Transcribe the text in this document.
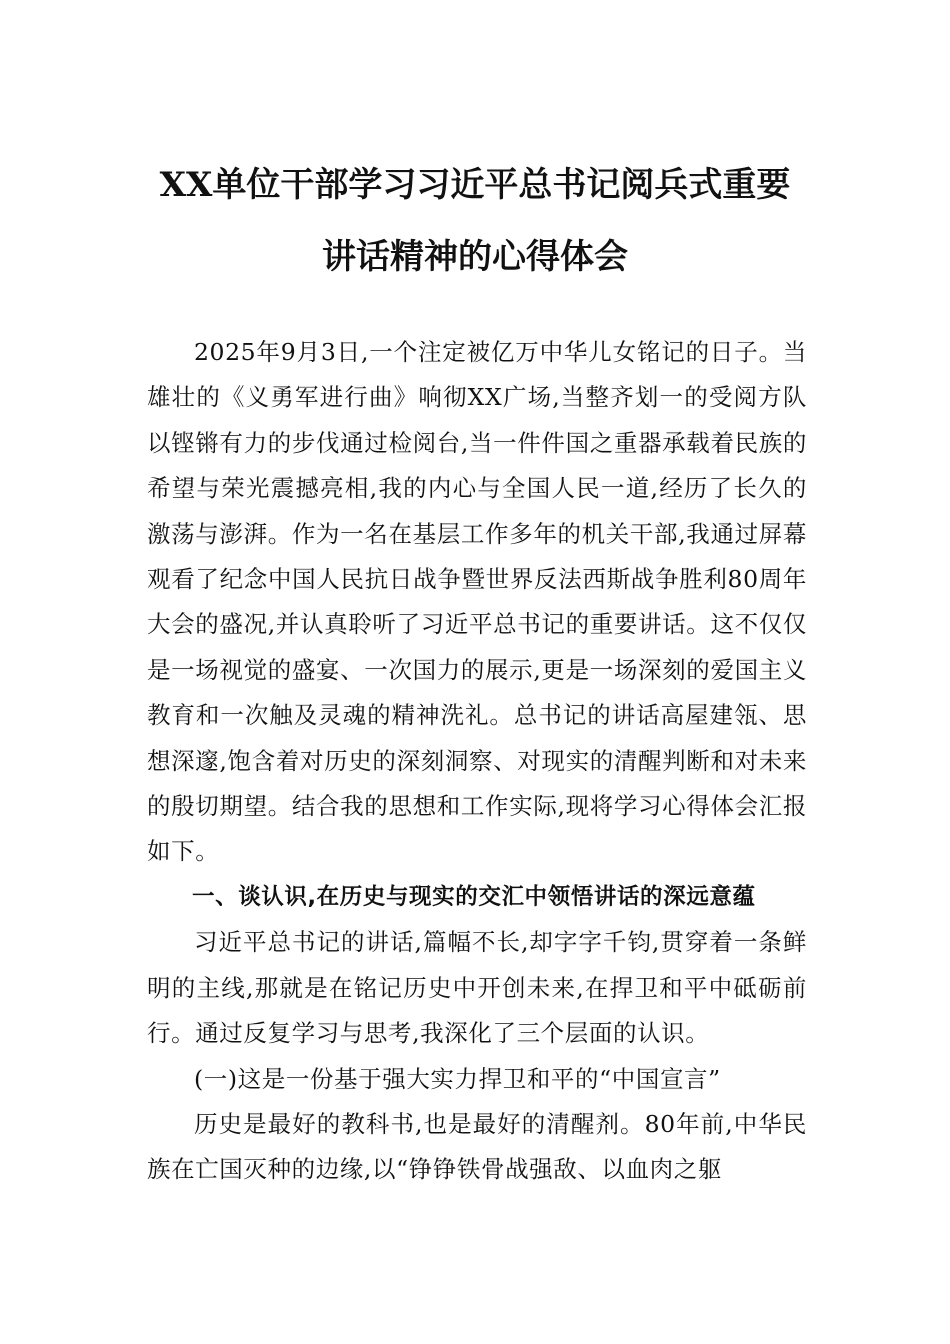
XX单位干部学习习近平总书记阅兵式重要
讲话精神的心得体会

2025年9月3日,一个注定被亿万中华儿女铭记的日子。当雄壮的《义勇军进行曲》响彻XX广场,当整齐划一的受阅方队以铿锵有力的步伐通过检阅台,当一件件国之重器承载着民族的希望与荣光震撼亮相,我的内心与全国人民一道,经历了长久的激荡与澎湃。作为一名在基层工作多年的机关干部,我通过屏幕观看了纪念中国人民抗日战争暨世界反法西斯战争胜利80周年大会的盛况,并认真聆听了习近平总书记的重要讲话。这不仅仅是一场视觉的盛宴、一次国力的展示,更是一场深刻的爱国主义教育和一次触及灵魂的精神洗礼。总书记的讲话高屋建瓴、思想深邃,饱含着对历史的深刻洞察、对现实的清醒判断和对未来的殷切期望。结合我的思想和工作实际,现将学习心得体会汇报如下。

一、谈认识,在历史与现实的交汇中领悟讲话的深远意蕴

习近平总书记的讲话,篇幅不长,却字字千钧,贯穿着一条鲜明的主线,那就是在铭记历史中开创未来,在捍卫和平中砥砺前行。通过反复学习与思考,我深化了三个层面的认识。

(一)这是一份基于强大实力捍卫和平的“中国宣言”

历史是最好的教科书,也是最好的清醒剂。80年前,中华民族在亡国灭种的边缘,以“铮铮铁骨战强敌、以血肉之躯
